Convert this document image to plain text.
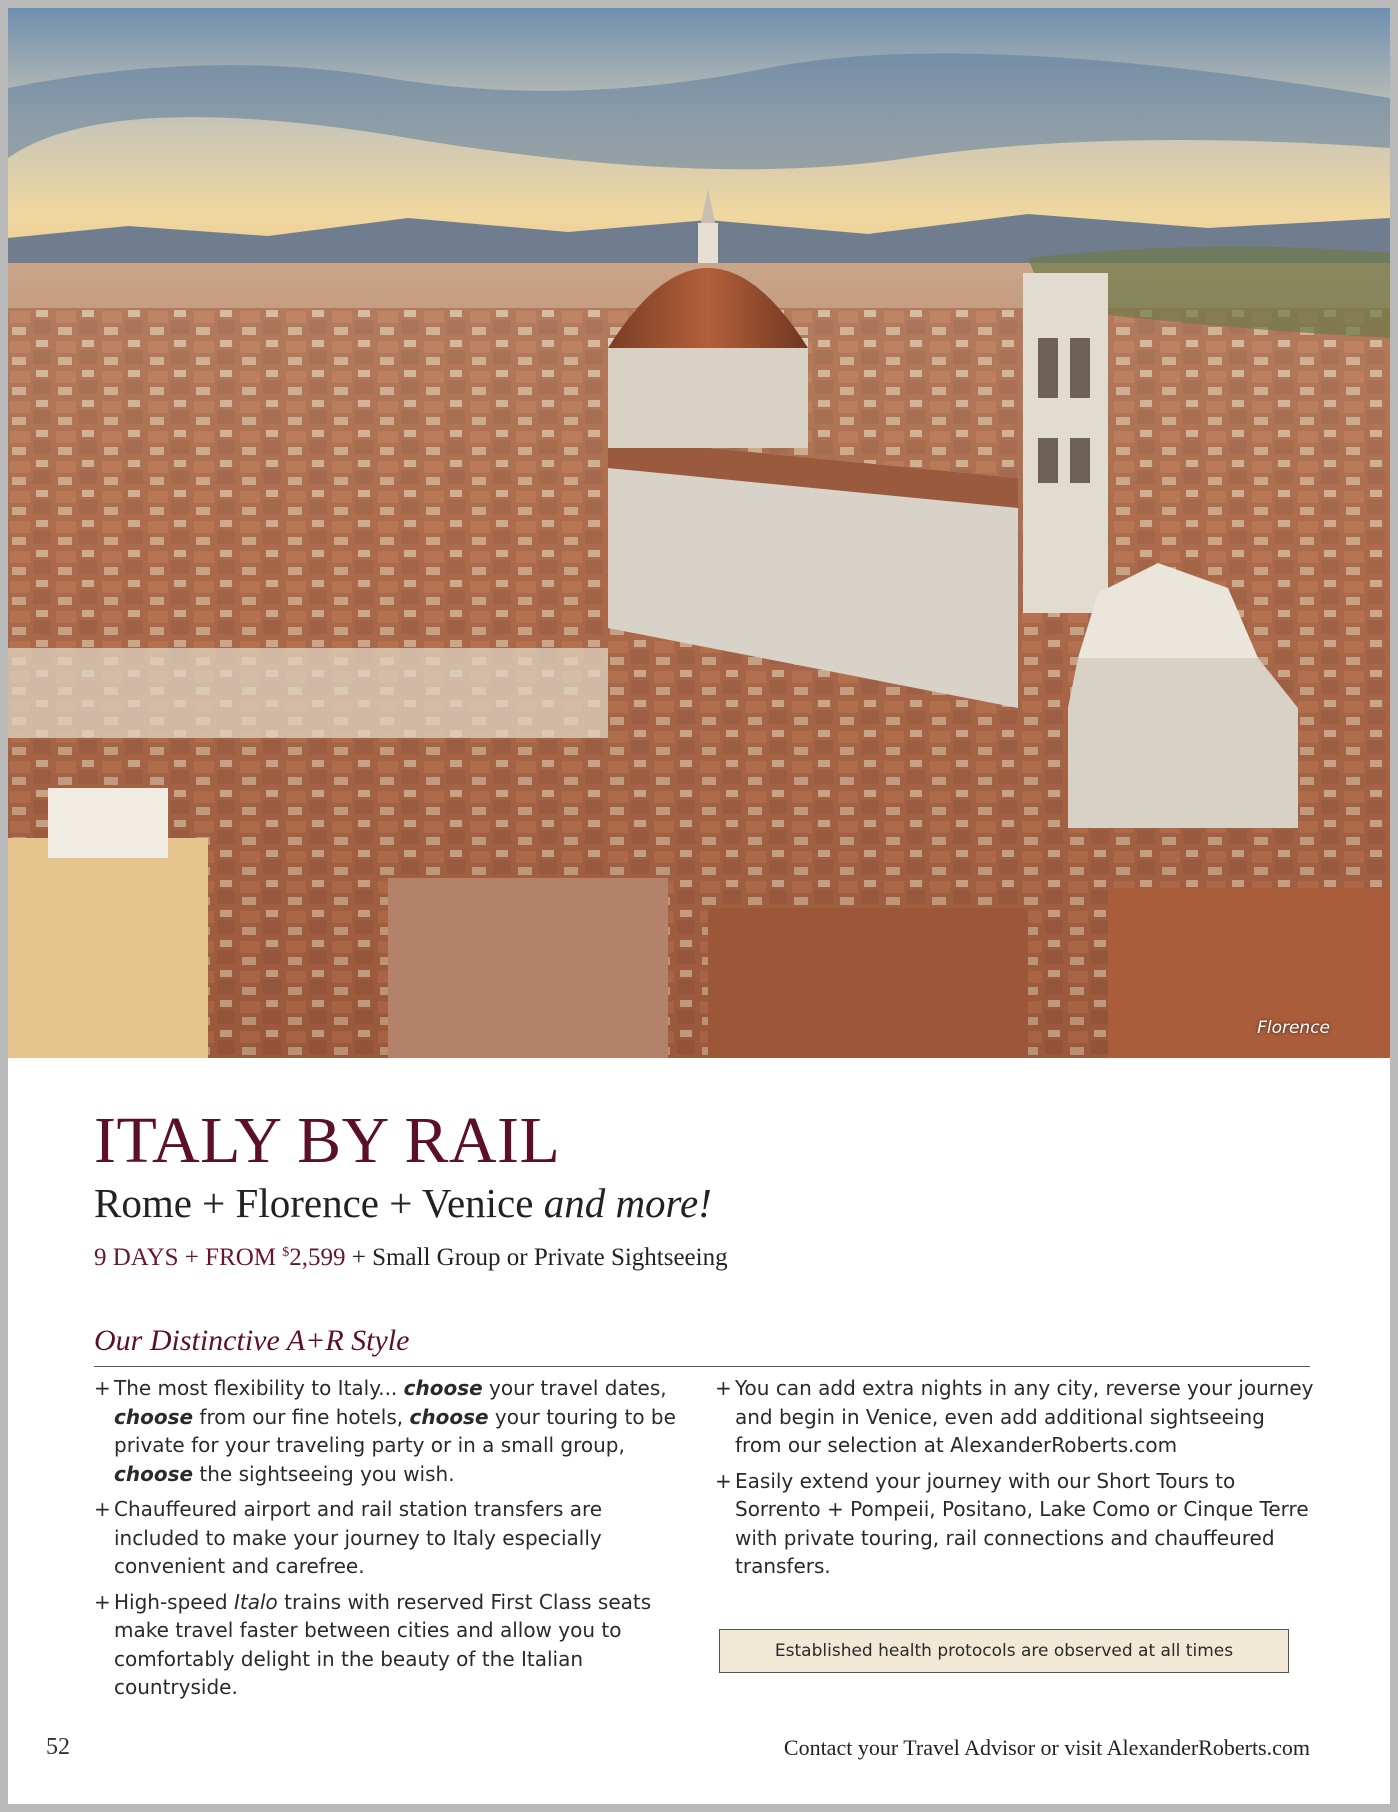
Florence
ITALY BY RAIL
Rome + Florence + Venice and more!
9 DAYS + FROM $2,599 + Small Group or Private Sightseeing
Our Distinctive A+R Style
+ The most flexibility to Italy... choose your travel dates, choose from our fine hotels, choose your touring to be private for your traveling party or in a small group, choose the sightseeing you wish.
+ Chauffeured airport and rail station transfers are included to make your journey to Italy especially convenient and carefree.
+ High-speed Italo trains with reserved First Class seats make travel faster between cities and allow you to comfortably delight in the beauty of the Italian countryside.
+ You can add extra nights in any city, reverse your journey and begin in Venice, even add additional sightseeing from our selection at AlexanderRoberts.com
+ Easily extend your journey with our Short Tours to Sorrento + Pompeii, Positano, Lake Como or Cinque Terre with private touring, rail connections and chauffeured transfers.
Established health protocols are observed at all times
52	Contact your Travel Advisor or visit AlexanderRoberts.com
